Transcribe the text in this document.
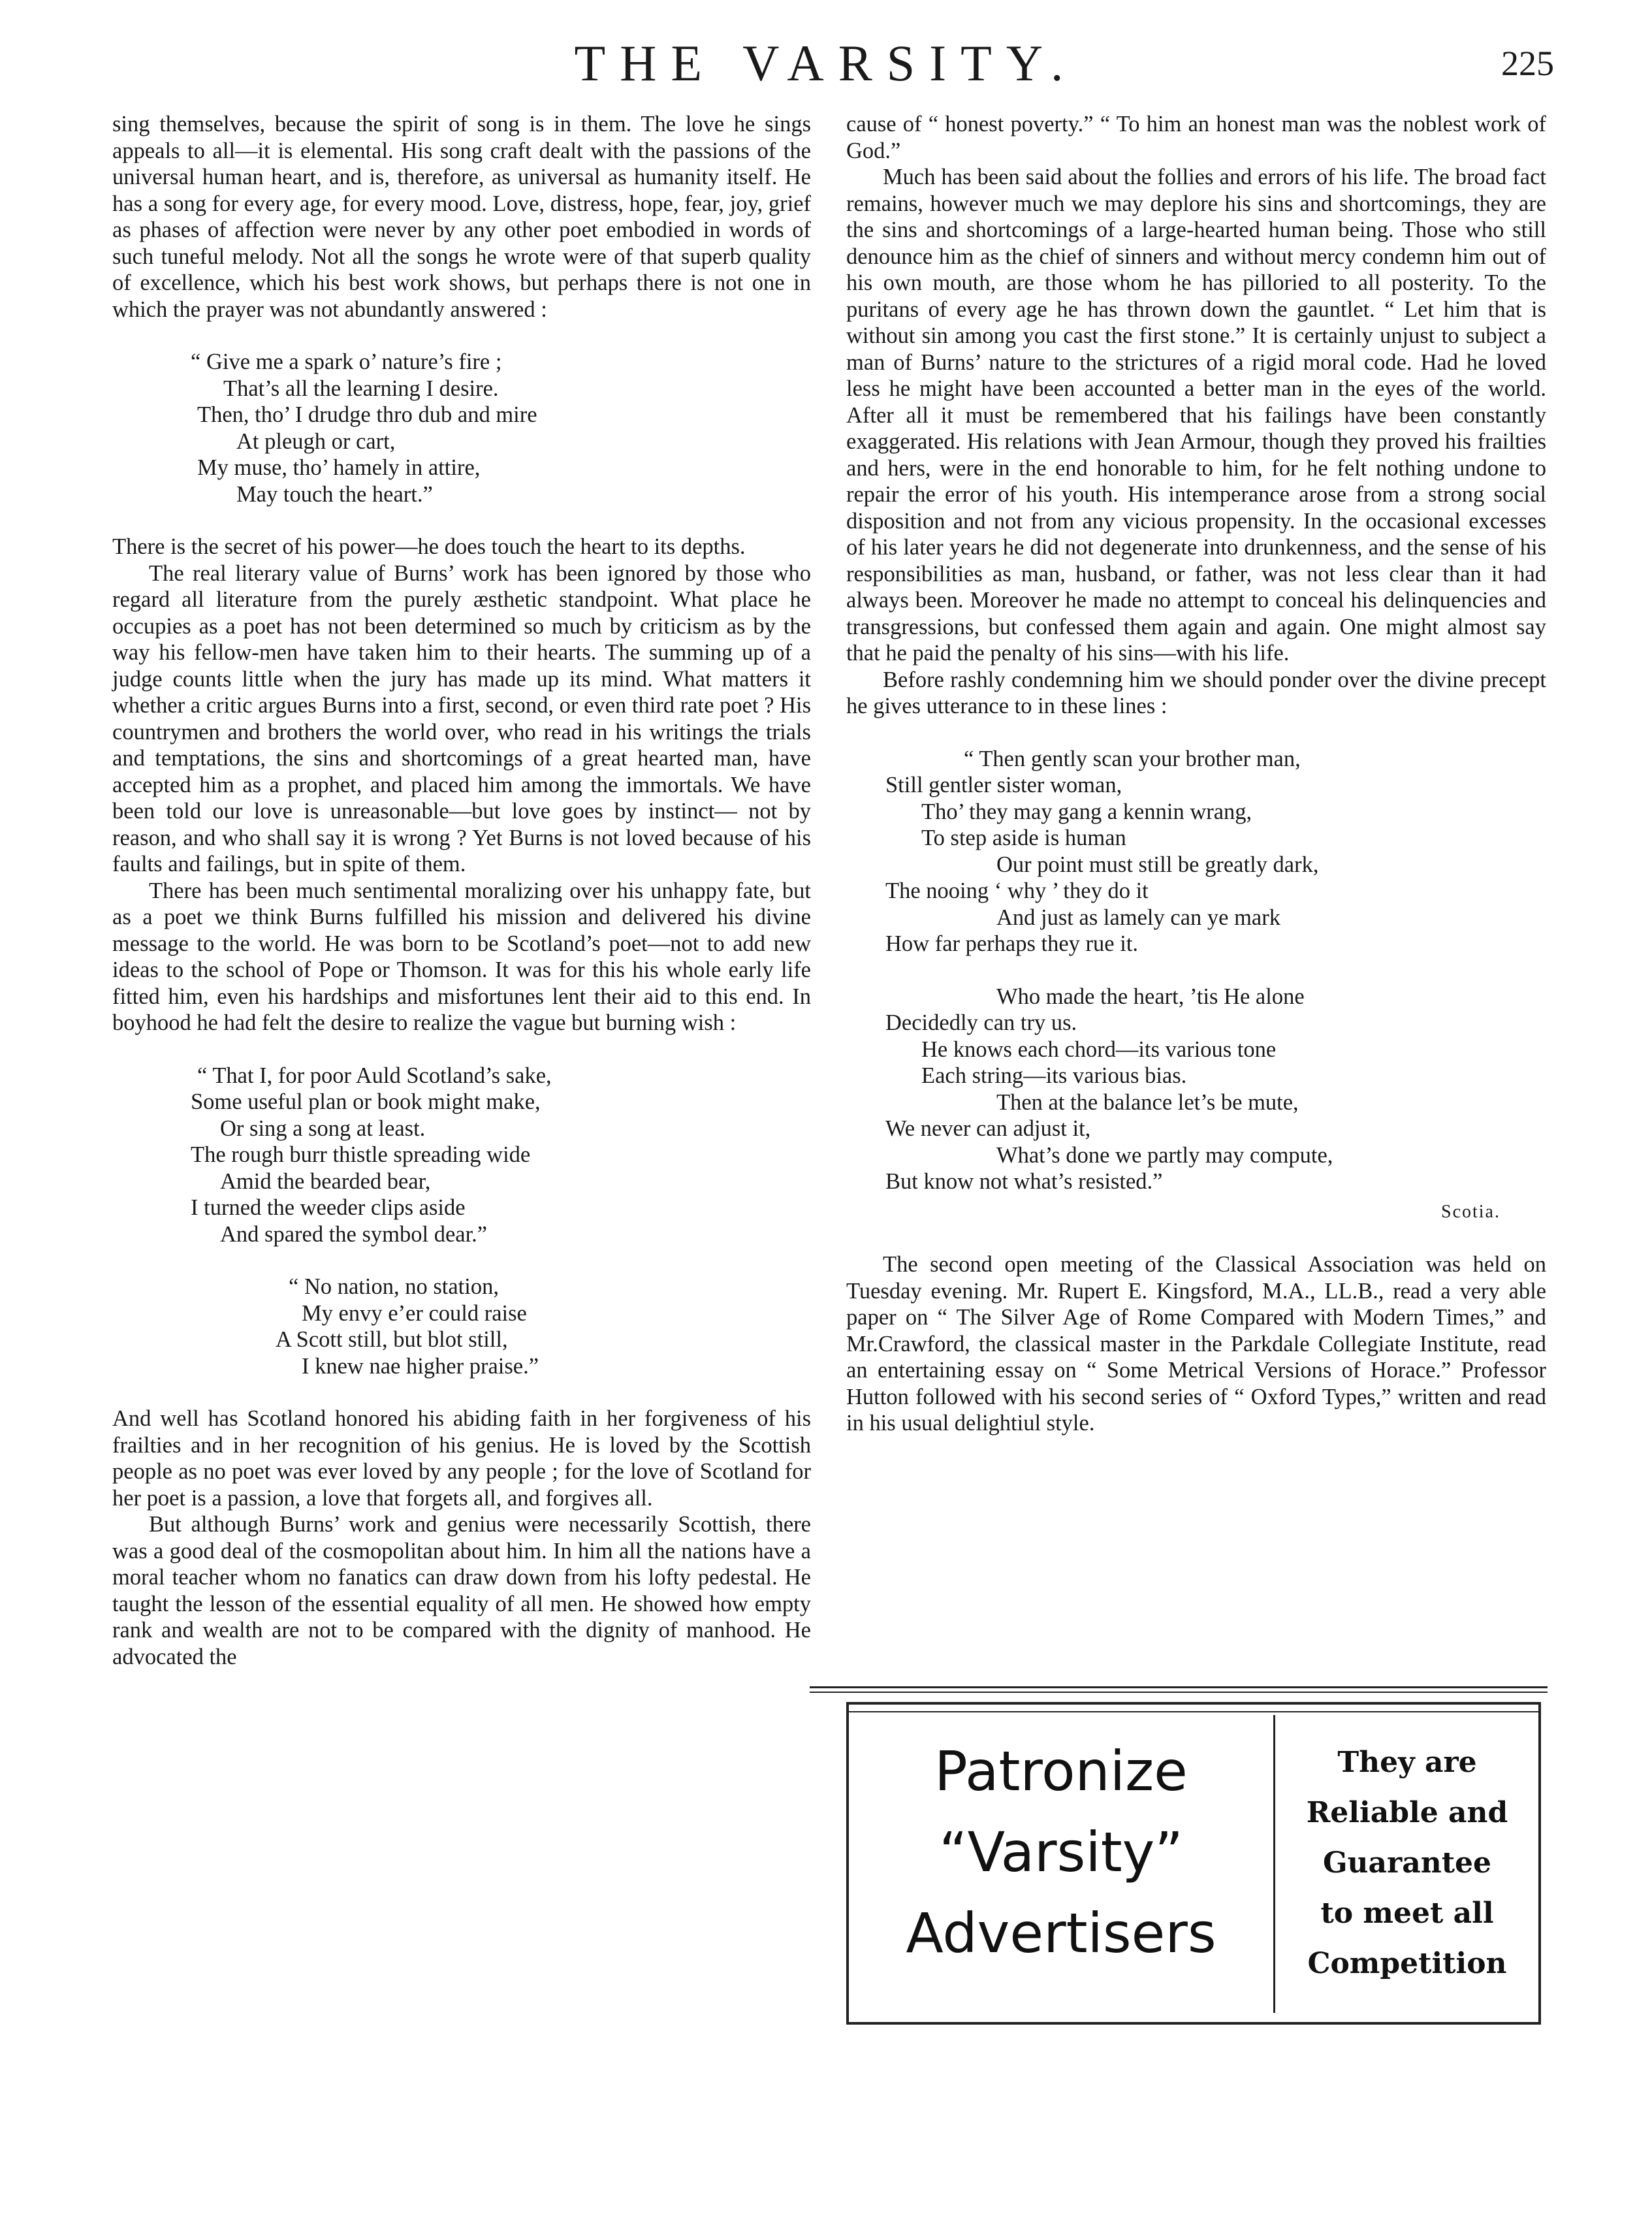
THE VARSITY.	225

sing themselves, because the spirit of song is in them. The love he sings appeals to all—it is elemental. His song craft dealt with the passions of the universal human heart, and is, therefore, as universal as humanity itself. He has a song for every age, for every mood. Love, distress, hope, fear, joy, grief as phases of affection were never by any other poet embodied in words of such tuneful melody. Not all the songs he wrote were of that superb quality of excellence, which his best work shows, but perhaps there is not one in which the prayer was not abundantly answered :

“ Give me a spark o’ nature’s fire ;
That’s all the learning I desire.
Then, tho’ I drudge thro dub and mire
At pleugh or cart,
My muse, tho’ hamely in attire,
May touch the heart.”

There is the secret of his power—he does touch the heart to its depths.

The real literary value of Burns’ work has been ignored by those who regard all literature from the purely æsthetic standpoint. What place he occupies as a poet has not been determined so much by criticism as by the way his fellow-men have taken him to their hearts. The summing up of a judge counts little when the jury has made up its mind. What matters it whether a critic argues Burns into a first, second, or even third rate poet ? His countrymen and brothers the world over, who read in his writings the trials and temptations, the sins and shortcomings of a great hearted man, have accepted him as a prophet, and placed him among the immortals. We have been told our love is unreasonable—but love goes by instinct— not by reason, and who shall say it is wrong ? Yet Burns is not loved because of his faults and failings, but in spite of them.

There has been much sentimental moralizing over his unhappy fate, but as a poet we think Burns fulfilled his mission and delivered his divine message to the world. He was born to be Scotland’s poet—not to add new ideas to the school of Pope or Thomson. It was for this his whole early life fitted him, even his hardships and misfortunes lent their aid to this end. In boyhood he had felt the desire to realize the vague but burning wish :

“ That I, for poor Auld Scotland’s sake,
Some useful plan or book might make,
Or sing a song at least.
The rough burr thistle spreading wide
Amid the bearded bear,
I turned the weeder clips aside
And spared the symbol dear.”
“ No nation, no station,
My envy e’er could raise
A Scott still, but blot still,
I knew nae higher praise.”

And well has Scotland honored his abiding faith in her forgiveness of his frailties and in her recognition of his genius. He is loved by the Scottish people as no poet was ever loved by any people ; for the love of Scotland for her poet is a passion, a love that forgets all, and forgives all.

But although Burns’ work and genius were necessarily Scottish, there was a good deal of the cosmopolitan about him. In him all the nations have a moral teacher whom no fanatics can draw down from his lofty pedestal. He taught the lesson of the essential equality of all men. He showed how empty rank and wealth are not to be compared with the dignity of manhood. He advocated the

cause of “ honest poverty.” “ To him an honest man was the noblest work of God.”

Much has been said about the follies and errors of his life. The broad fact remains, however much we may deplore his sins and shortcomings, they are the sins and shortcomings of a large-hearted human being. Those who still denounce him as the chief of sinners and without mercy condemn him out of his own mouth, are those whom he has pilloried to all posterity. To the puritans of every age he has thrown down the gauntlet. “ Let him that is without sin among you cast the first stone.” It is certainly unjust to subject a man of Burns’ nature to the strictures of a rigid moral code. Had he loved less he might have been accounted a better man in the eyes of the world. After all it must be remembered that his failings have been constantly exaggerated. His relations with Jean Armour, though they proved his frailties and hers, were in the end honorable to him, for he felt nothing undone to repair the error of his youth. His intemperance arose from a strong social disposition and not from any vicious propensity. In the occasional excesses of his later years he did not degenerate into drunkenness, and the sense of his responsibilities as man, husband, or father, was not less clear than it had always been. Moreover he made no attempt to conceal his delinquencies and transgressions, but confessed them again and again. One might almost say that he paid the penalty of his sins—with his life.

Before rashly condemning him we should ponder over the divine precept he gives utterance to in these lines :

“ Then gently scan your brother man,
Still gentler sister woman,
Tho’ they may gang a kennin wrang,
To step aside is human
Our point must still be greatly dark,
The nooing ‘ why ’ they do it
And just as lamely can ye mark
How far perhaps they rue it.
Who made the heart, ’tis He alone
Decidedly can try us.
He knows each chord—its various tone
Each string—its various bias.
Then at the balance let’s be mute,
We never can adjust it,
What’s done we partly may compute,
But know not what’s resisted.”
Scotia.

The second open meeting of the Classical Association was held on Tuesday evening. Mr. Rupert E. Kingsford, M.A., LL.B., read a very able paper on “ The Silver Age of Rome Compared with Modern Times,” and Mr.Crawford, the classical master in the Parkdale Collegiate Institute, read an entertaining essay on “ Some Metrical Versions of Horace.” Professor Hutton followed with his second series of “ Oxford Types,” written and read in his usual delightiul style.

Patronize
“Varsity”
Advertisers
They are
Reliable and
Guarantee
to meet all
Competition
